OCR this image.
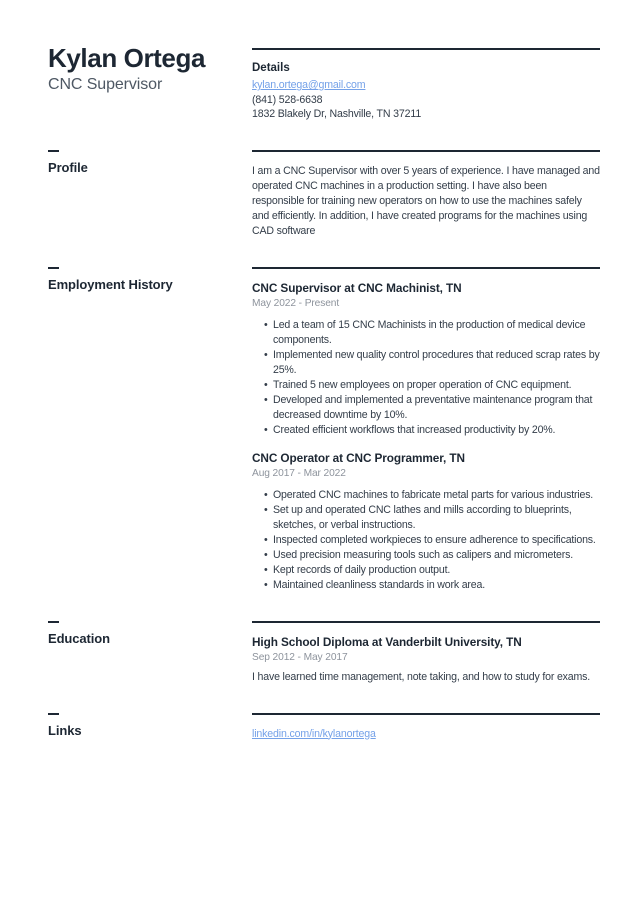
Kylan Ortega
CNC Supervisor
Details
kylan.ortega@gmail.com
(841) 528-6638
1832 Blakely Dr, Nashville, TN 37211
Profile	I am a CNC Supervisor with over 5 years of experience. I have managed and operated CNC machines in a production setting. I have also been responsible for training new operators on how to use the machines safely and efficiently. In addition, I have created programs for the machines using CAD software

Employment History	CNC Supervisor at CNC Machinist, TN
May 2022 - Present
• Led a team of 15 CNC Machinists in the production of medical device components.
• Implemented new quality control procedures that reduced scrap rates by 25%.
• Trained 5 new employees on proper operation of CNC equipment.
• Developed and implemented a preventative maintenance program that decreased downtime by 10%.
• Created efficient workflows that increased productivity by 20%.
CNC Operator at CNC Programmer, TN
Aug 2017 - Mar 2022
• Operated CNC machines to fabricate metal parts for various industries.
• Set up and operated CNC lathes and mills according to blueprints, sketches, or verbal instructions.
• Inspected completed workpieces to ensure adherence to specifications.
• Used precision measuring tools such as calipers and micrometers.
• Kept records of daily production output.
• Maintained cleanliness standards in work area.
Education	High School Diploma at Vanderbilt University, TN
Sep 2012 - May 2017

I have learned time management, note taking, and how to study for exams.

Links	linkedin.com/in/kylanortega
